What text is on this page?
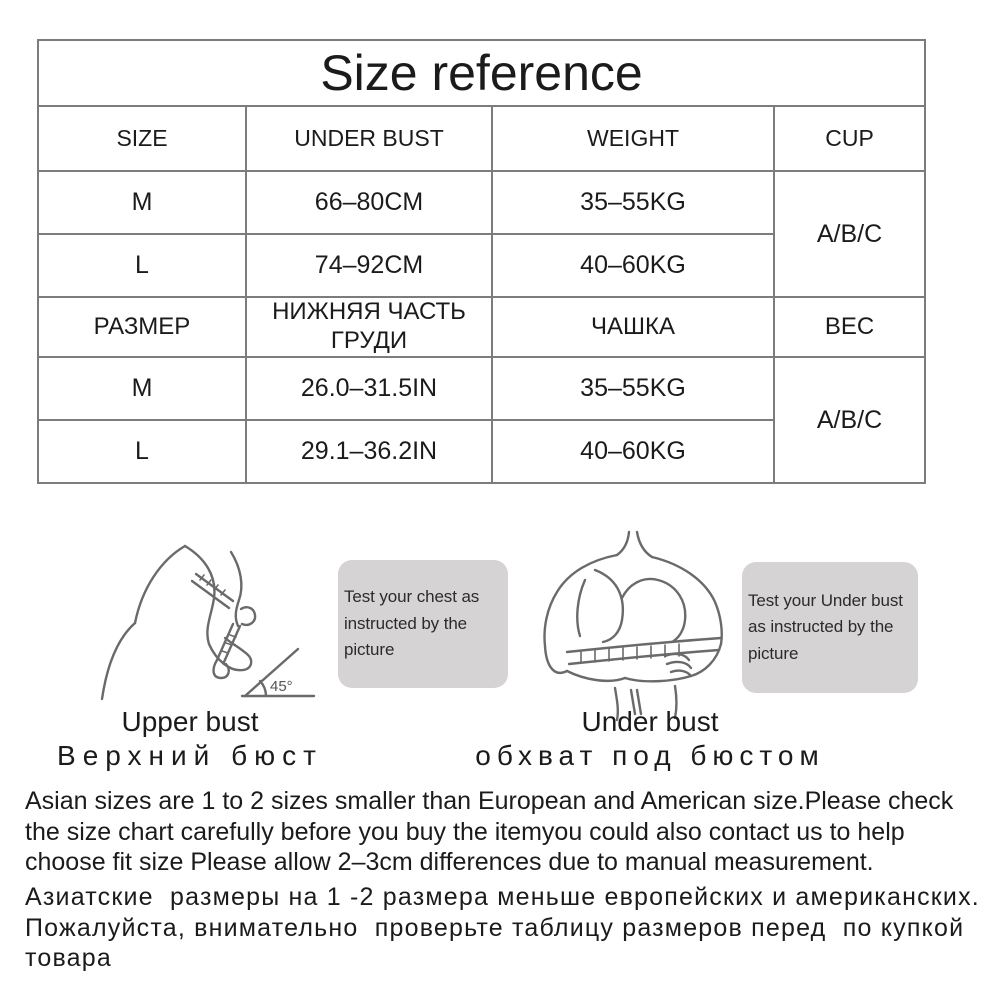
Size reference			
SIZE	UNDER BUST	WEIGHT	CUP
M	66–80CM	35–55KG	A/B/C
L	74–92CM	40–60KG	
РАЗМЕР	НИЖНЯЯ ЧАСТЬ ГРУДИ	ЧАШКА	ВЕС
M	26.0–31.5IN	35–55KG	A/B/C
L	29.1–36.2IN	40–60KG	
45°
Test your chest as instructed by the picture
Test your Under bust as instructed by the picture
Upper bust
Верхний бюст
Under bust
обхват под бюстом
Asian sizes are 1 to 2 sizes smaller than European and American size.Please check the size chart carefully before you buy the itemyou could also contact us to help choose fit size Please allow 2–3cm differences due to manual measurement.
Азиатские  размеры на 1 -2 размера меньше европейских и американских. Пожалуйста, внимательно  проверьте таблицу размеров перед  по купкой товара
